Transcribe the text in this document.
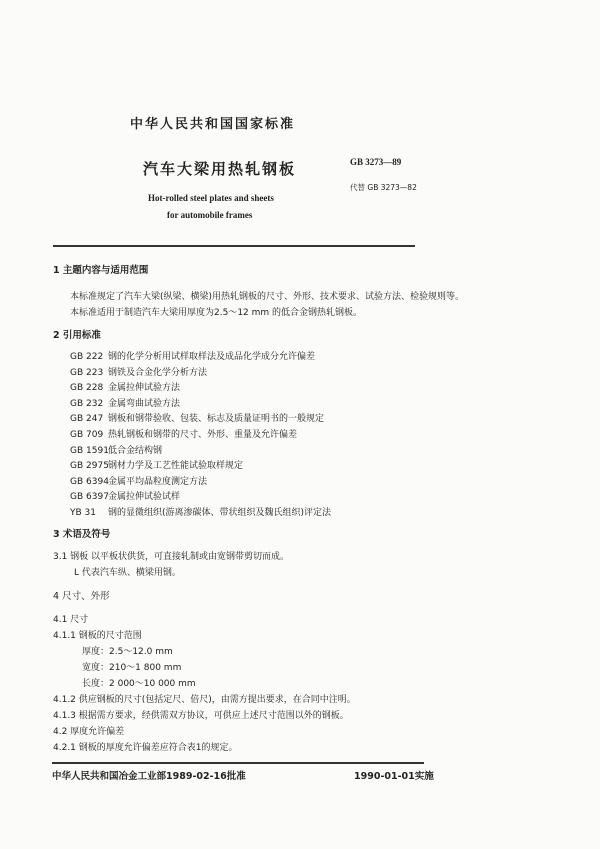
中华人民共和国国家标准
GB 3273—89
汽车大梁用热轧钢板
代替 GB 3273—82
Hot-rolled steel plates and sheets
for automobile frames
1 主题内容与适用范围
本标准规定了汽车大梁(纵梁、横梁)用热轧钢板的尺寸、外形、技术要求、试验方法、检验规则等。
本标准适用于制造汽车大梁用厚度为2.5～12 mm 的低合金钢热轧钢板。
2 引用标准
GB 222 钢的化学分析用试样取样法及成品化学成分允许偏差
GB 223 钢铁及合金化学分析方法
GB 228 金属拉伸试验方法
GB 232 金属弯曲试验方法
GB 247 钢板和钢带验收、包装、标志及质量证明书的一般规定
GB 709 热轧钢板和钢带的尺寸、外形、重量及允许偏差
GB 1591低合金结构钢
GB 2975钢材力学及工艺性能试验取样规定
GB 6394金属平均晶粒度测定方法
GB 6397金属拉伸试验试样
YB 31 钢的显微组织(游离渗碳体、带状组织及魏氏组织)评定法
3 术语及符号
3.1 钢板 以平板状供货，可直接轧制或由宽钢带剪切而成。
L 代表汽车纵、横梁用钢。
4 尺寸、外形
4.1 尺寸
4.1.1 钢板的尺寸范围
厚度：2.5～12.0 mm
宽度：210～1 800 mm
长度：2 000～10 000 mm
4.1.2 供应钢板的尺寸(包括定尺、倍尺)，由需方提出要求，在合同中注明。
4.1.3 根据需方要求，经供需双方协议，可供应上述尺寸范围以外的钢板。
4.2 厚度允许偏差
4.2.1 钢板的厚度允许偏差应符合表1的规定。
中华人民共和国冶金工业部1989-02-16批准	1990-01-01实施
